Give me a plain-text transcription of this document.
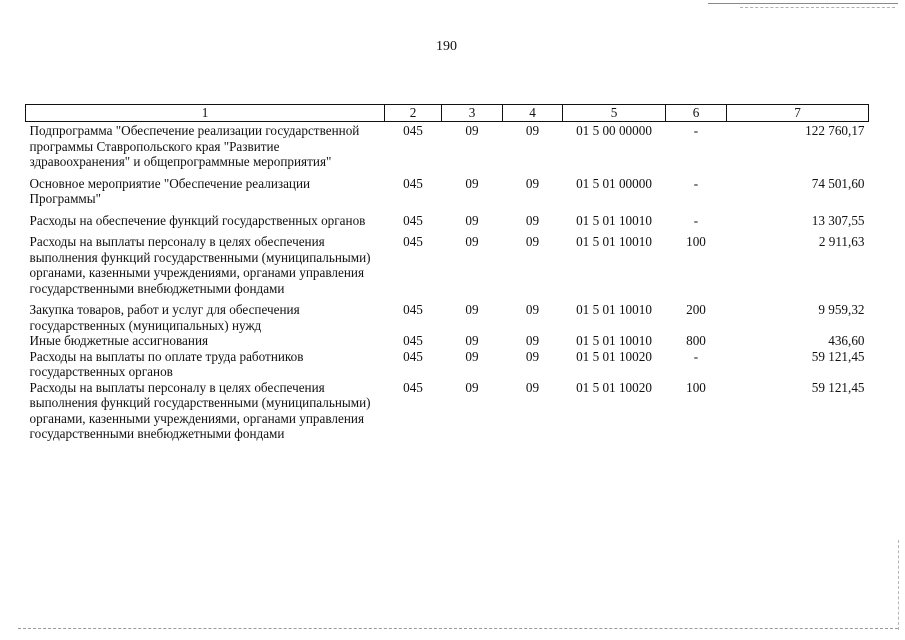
190
1	2	3	4	5	6	7
Подпрограмма "Обеспечение реализации государственной программы Ставропольского края "Развитие здравоохранения" и общепрограммные мероприятия"	045	09	09	01 5 00 00000	-	122 760,17
Основное мероприятие "Обеспечение реализации Программы"	045	09	09	01 5 01 00000	-	74 501,60
Расходы на обеспечение функций государственных органов	045	09	09	01 5 01 10010	-	13 307,55
Расходы на выплаты персоналу в целях обеспечения выполнения функций государственными (муниципальными) органами, казенными учреждениями, органами управления государственными внебюджетными фондами	045	09	09	01 5 01 10010	100	2 911,63
Закупка товаров, работ и услуг для обеспечения государственных (муниципальных) нужд	045	09	09	01 5 01 10010	200	9 959,32
Иные бюджетные ассигнования	045	09	09	01 5 01 10010	800	436,60
Расходы на выплаты по оплате труда работников государственных органов	045	09	09	01 5 01 10020	-	59 121,45
Расходы на выплаты персоналу в целях обеспечения выполнения функций государственными (муниципальными) органами, казенными учреждениями, органами управления государственными внебюджетными фондами	045	09	09	01 5 01 10020	100	59 121,45
